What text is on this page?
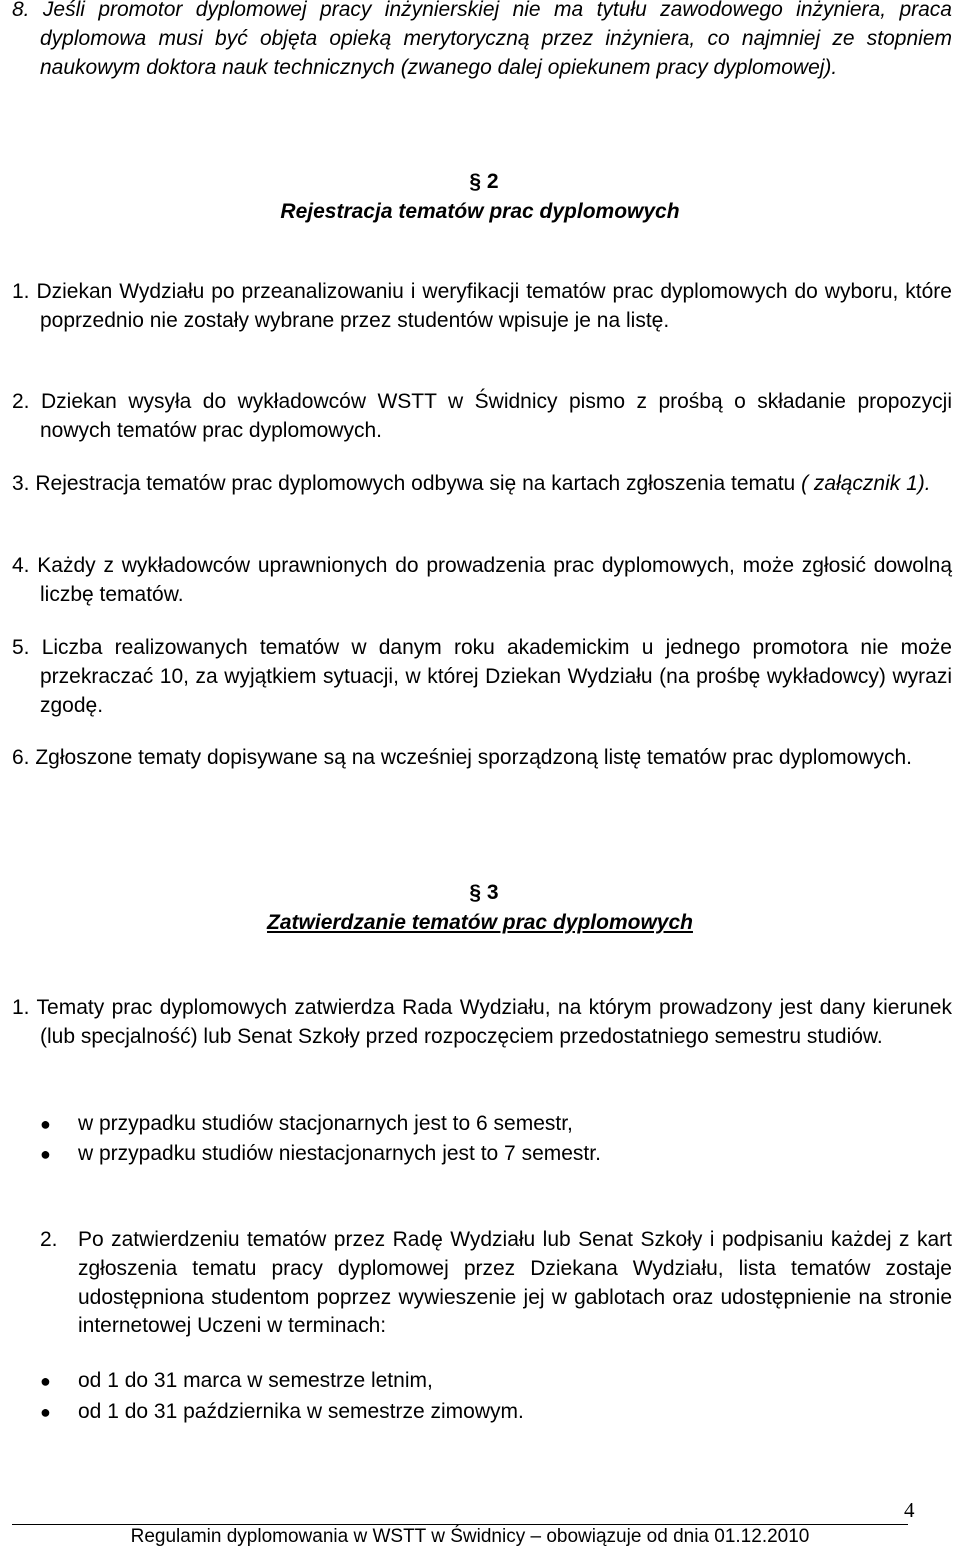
8. Jeśli promotor dyplomowej pracy inżynierskiej nie ma tytułu zawodowego inżyniera, praca dyplomowa musi być objęta opieką merytoryczną przez inżyniera, co najmniej ze stopniem naukowym doktora nauk technicznych (zwanego dalej opiekunem pracy dyplomowej).
§ 2
Rejestracja tematów prac dyplomowych
1. Dziekan Wydziału po przeanalizowaniu i weryfikacji tematów prac dyplomowych do wyboru, które poprzednio nie zostały wybrane przez studentów wpisuje je na listę.
2. Dziekan wysyła do wykładowców WSTT w Świdnicy pismo z prośbą o składanie propozycji nowych tematów prac dyplomowych.
3. Rejestracja tematów prac dyplomowych odbywa się na kartach zgłoszenia tematu ( załącznik 1).
4. Każdy z wykładowców uprawnionych do prowadzenia prac dyplomowych, może zgłosić dowolną liczbę tematów.
5. Liczba realizowanych tematów w danym roku akademickim u jednego promotora nie może przekraczać 10, za wyjątkiem sytuacji, w której Dziekan Wydziału (na prośbę wykładowcy) wyrazi zgodę.
6. Zgłoszone tematy dopisywane są na wcześniej sporządzoną listę tematów prac dyplomowych.
§ 3
Zatwierdzanie tematów prac dyplomowych
1. Tematy prac dyplomowych zatwierdza Rada Wydziału, na którym prowadzony jest dany kierunek (lub specjalność) lub Senat Szkoły przed rozpoczęciem przedostatniego semestru studiów.
● w przypadku studiów stacjonarnych jest to 6 semestr,
● w przypadku studiów niestacjonarnych jest to 7 semestr.
2. Po zatwierdzeniu tematów przez Radę Wydziału lub Senat Szkoły i podpisaniu każdej z kart zgłoszenia tematu pracy dyplomowej przez Dziekana Wydziału, lista tematów zostaje udostępniona studentom poprzez wywieszenie jej w gablotach oraz udostępnienie na stronie internetowej Uczeni w terminach:
● od 1 do 31 marca w semestrze letnim,
● od 1 do 31 października w semestrze zimowym.
4
Regulamin dyplomowania w WSTT w Świdnicy – obowiązuje od dnia 01.12.2010
